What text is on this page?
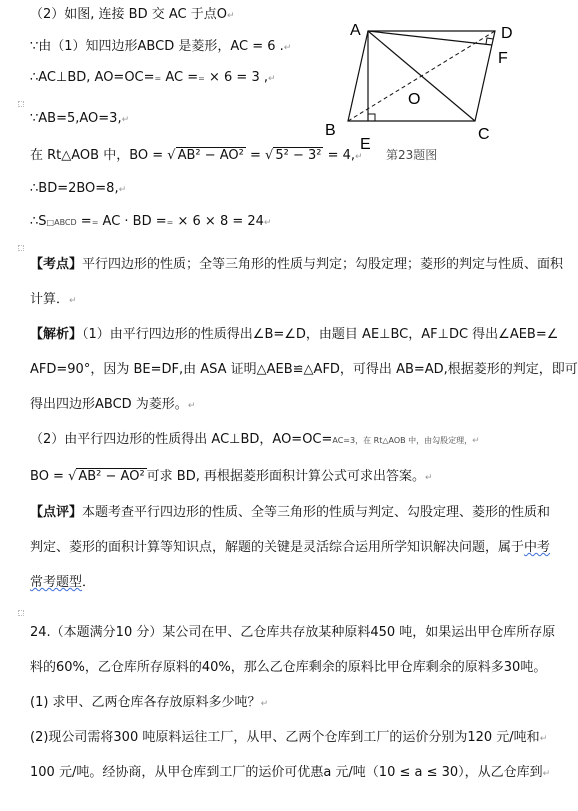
A
B	C
D
E
F
O
第23题图
（2）如图, 连接 BD 交 AC 于点O↵
∵由（1）知四边形ABCD 是菱形，AC = 6 .↵
∴AC⊥BD, AO=OC== AC == × 6 = 3 ,↵
∵AB=5,AO=3,↵
在 Rt△AOB 中，BO = √ AB² − AO² = √ 5² − 3² = 4,↵
∴BD=2BO=8,↵
∴S□ABCD == AC · BD == × 6 × 8 = 24↵
【考点】平行四边形的性质；全等三角形的性质与判定；勾股定理；菱形的判定与性质、面积
计算．↵
【解析】（1）由平行四边形的性质得出∠B=∠D，由题目 AE⊥BC，AF⊥DC 得出∠AEB=∠
AFD=90°，因为 BE=DF,由 ASA 证明△AEB≌△AFD，可得出 AB=AD,根据菱形的判定，即可
得出四边形ABCD 为菱形。↵
（2）由平行四边形的性质得出 AC⊥BD，AO=OC=AC=3，在 Rt△AOB 中，由勾股定理，↵
BO = √ AB² − AO² 可求 BD, 再根据菱形面积计算公式可求出答案。↵
【点评】本题考查平行四边形的性质、全等三角形的性质与判定、勾股定理、菱形的性质和
判定、菱形的面积计算等知识点，解题的关键是灵活综合运用所学知识解决问题，属于中考
常考题型．
24.（本题满分10 分）某公司在甲、乙仓库共存放某种原料450 吨，如果运出甲仓库所存原
料的60%，乙仓库所存原料的40%，那么乙仓库剩余的原料比甲仓库剩余的原料多30吨。
(1) 求甲、乙两仓库各存放原料多少吨？↵
(2)现公司需将300 吨原料运往工厂，从甲、乙两个仓库到工厂的运价分别为120 元/吨和↵
100 元/吨。经协商，从甲仓库到工厂的运价可优惠a 元/吨（10 ≤ a ≤ 30），从乙仓库到↵
